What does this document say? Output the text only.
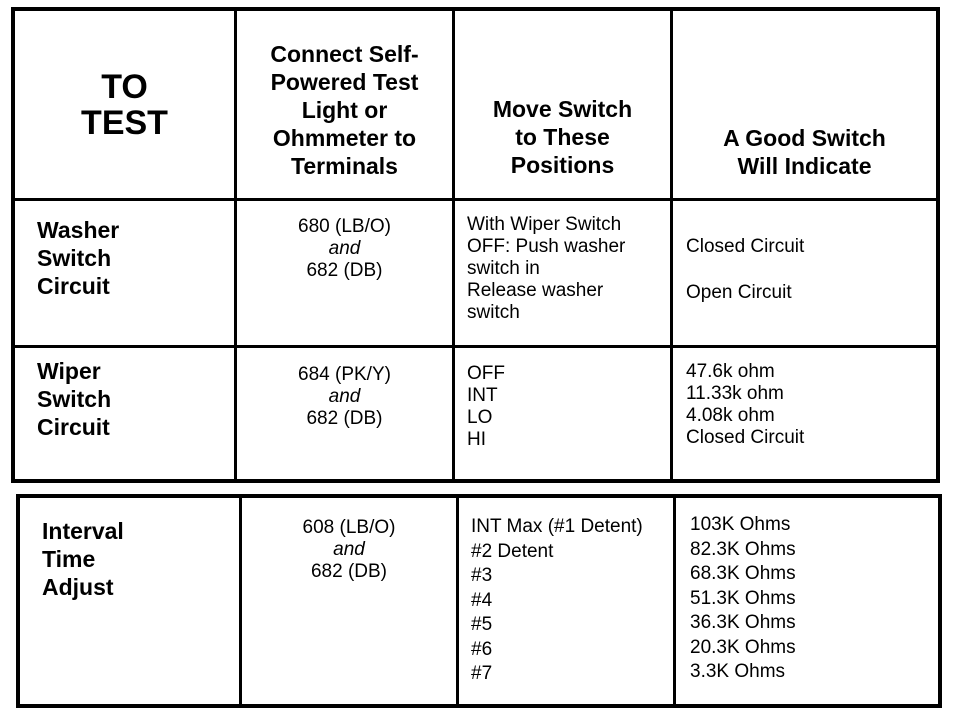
TO
TEST
Connect Self-
Powered Test
Light or
Ohmmeter to
Terminals
Move Switch
to These
Positions
A Good Switch
Will Indicate
Washer
Switch
Circuit
680 (LB/O)
and
682 (DB)
With Wiper Switch
OFF: Push washer
switch in
Release washer
switch
Closed Circuit
Open Circuit
Wiper
Switch
Circuit
684 (PK/Y)
and
682 (DB)
OFF
INT
LO
HI
47.6k ohm
11.33k ohm
4.08k ohm
Closed Circuit
Interval
Time
Adjust
608 (LB/O)
and
682 (DB)
INT Max (#1 Detent)
#2 Detent
#3
#4
#5
#6
#7
103K Ohms
82.3K Ohms
68.3K Ohms
51.3K Ohms
36.3K Ohms
20.3K Ohms
3.3K Ohms
